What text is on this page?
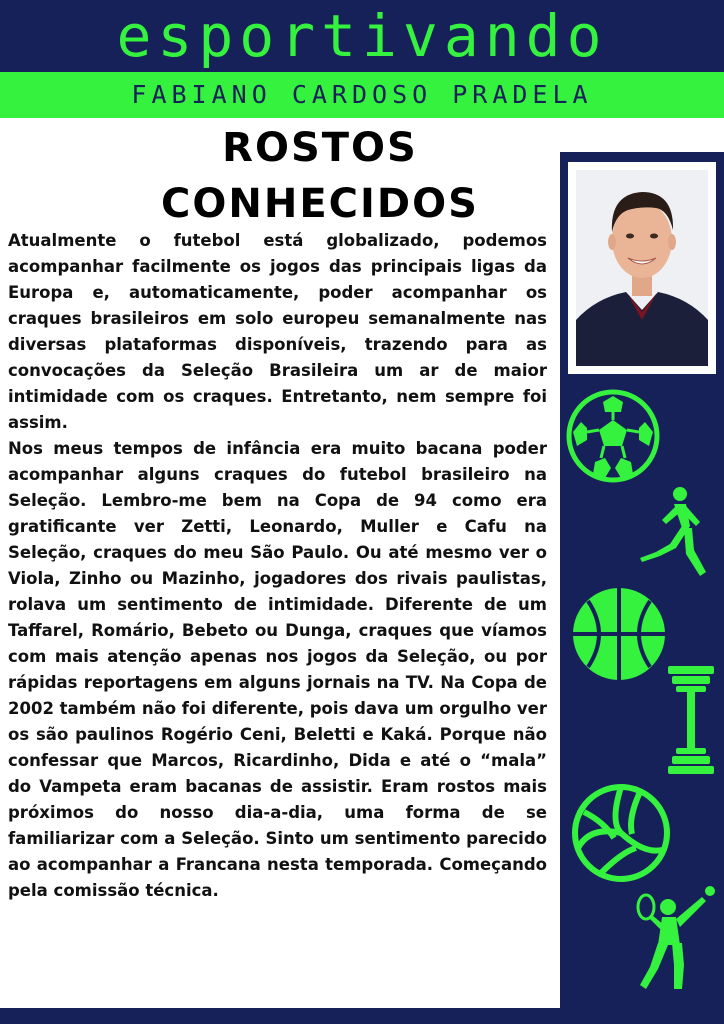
esportivando
FABIANO CARDOSO PRADELA
ROSTOS
CONHECIDOS

Atualmente o futebol está globalizado, podemos acompanhar facilmente os jogos das principais ligas da Europa e, automaticamente, poder acompanhar os craques brasileiros em solo europeu semanalmente nas diversas plataformas disponíveis, trazendo para as convocações da Seleção Brasileira um ar de maior intimidade com os craques. Entretanto, nem sempre foi assim.

Nos meus tempos de infância era muito bacana poder acompanhar alguns craques do futebol brasileiro na Seleção. Lembro-me bem na Copa de 94 como era gratificante ver Zetti, Leonardo, Muller e Cafu na Seleção, craques do meu São Paulo. Ou até mesmo ver o Viola, Zinho ou Mazinho, jogadores dos rivais paulistas, rolava um sentimento de intimidade. Diferente de um Taffarel, Romário, Bebeto ou Dunga, craques que víamos com mais atenção apenas nos jogos da Seleção, ou por rápidas reportagens em alguns jornais na TV. Na Copa de 2002 também não foi diferente, pois dava um orgulho ver os são paulinos Rogério Ceni, Beletti e Kaká. Porque não confessar que Marcos, Ricardinho, Dida e até o “mala” do Vampeta eram bacanas de assistir. Eram rostos mais próximos do nosso dia-a-dia, uma forma de se familiarizar com a Seleção. Sinto um sentimento parecido ao acompanhar a Francana nesta temporada. Começando pela comissão técnica.
